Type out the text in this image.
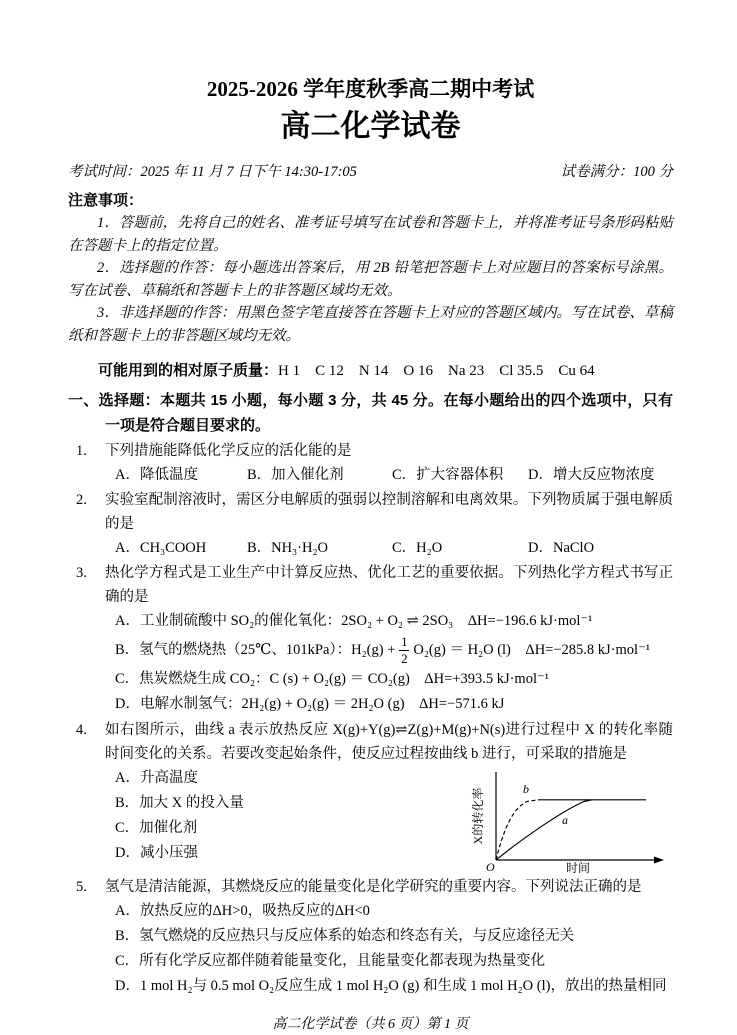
2025-2026 学年度秋季高二期中考试
高二化学试卷
考试时间：2025 年 11 月 7 日下午 14:30-17:05	试卷满分：100 分
注意事项：

1．答题前，先将自己的姓名、准考证号填写在试卷和答题卡上，并将准考证号条形码粘贴在答题卡上的指定位置。

2．选择题的作答：每小题选出答案后，用 2B 铅笔把答题卡上对应题目的答案标号涂黑。写在试卷、草稿纸和答题卡上的非答题区域均无效。

3．非选择题的作答：用黑色签字笔直接答在答题卡上对应的答题区域内。写在试卷、草稿纸和答题卡上的非答题区域均无效。

可能用到的相对原子质量：H 1　C 12　N 14　O 16　Na 23　Cl 35.5　Cu 64

一、选择题：本题共 15 小题，每小题 3 分，共 45 分。在每小题给出的四个选项中，只有一项是符合题目要求的。

1.	下列措施能降低化学反应的活化能的是
A．降低温度	B．加入催化剂	C．扩大容器体积	D．增大反应物浓度
2.	实验室配制溶液时，需区分电解质的强弱以控制溶解和电离效果。下列物质属于强电解质的是
A．CH₃COOH	B．NH₃·H₂O	C．H₂O	D．NaClO
3.	热化学方程式是工业生产中计算反应热、优化工艺的重要依据。下列热化学方程式书写正确的是
A．工业制硫酸中 SO₂的催化氧化：2SO₂ + O₂ ⇌ 2SO₃　ΔH=−196.6 kJ·mol⁻¹
B．氢气的燃烧热（25℃、101kPa）：$H_2(g) + \frac{1}{2} O_2(g) = H_2O$ (l)　ΔH=−285.8 kJ·mol⁻¹
C．焦炭燃烧生成 CO₂：C (s) + O₂(g) ＝ CO₂(g)　ΔH=+393.5 kJ·mol⁻¹
D．电解水制氢气：2H₂(g) + O₂(g) ＝ 2H₂O (g)　ΔH=−571.6 kJ
4.	如右图所示，曲线 a 表示放热反应 X(g)+Y(g)⇌Z(g)+M(g)+N(s)进行过程中 X 的转化率随时间变化的关系。若要改变起始条件，使反应过程按曲线 b 进行，可采取的措施是
A．升高温度
B．加大 X 的投入量
C．加催化剂
D．减小压强
b
a
O	时间
X的转化率
5.	氢气是清洁能源，其燃烧反应的能量变化是化学研究的重要内容。下列说法正确的是
A．放热反应的ΔH>0，吸热反应的ΔH<0
B．氢气燃烧的反应热只与反应体系的始态和终态有关，与反应途径无关
C．所有化学反应都伴随着能量变化，且能量变化都表现为热量变化
D．1 mol H₂与 0.5 mol O₂反应生成 1 mol H₂O (g) 和生成 1 mol H₂O (l)，放出的热量相同
高二化学试卷（共 6 页）第 1 页
